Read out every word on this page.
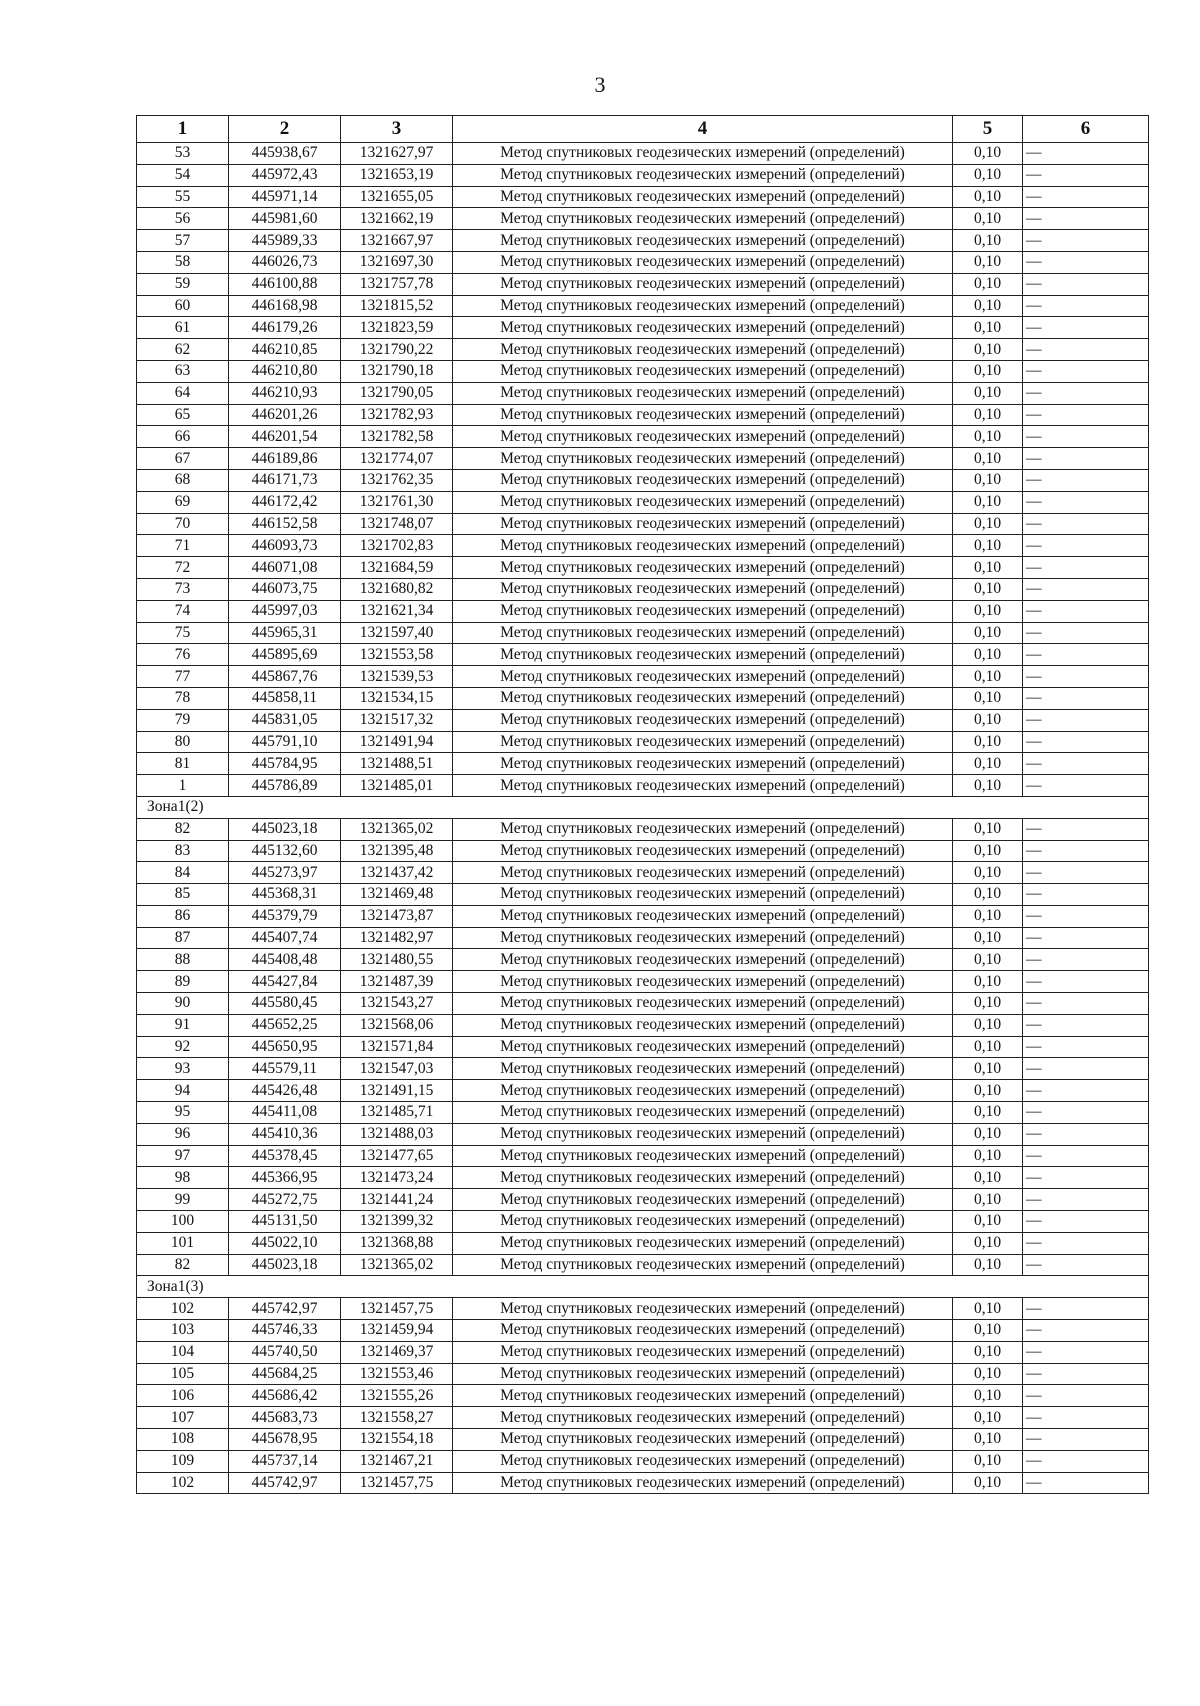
3
1	2	3	4	5	6
53	445938,67	1321627,97	Метод спутниковых геодезических измерений (определений)	0,10	—
54	445972,43	1321653,19	Метод спутниковых геодезических измерений (определений)	0,10	—
55	445971,14	1321655,05	Метод спутниковых геодезических измерений (определений)	0,10	—
56	445981,60	1321662,19	Метод спутниковых геодезических измерений (определений)	0,10	—
57	445989,33	1321667,97	Метод спутниковых геодезических измерений (определений)	0,10	—
58	446026,73	1321697,30	Метод спутниковых геодезических измерений (определений)	0,10	—
59	446100,88	1321757,78	Метод спутниковых геодезических измерений (определений)	0,10	—
60	446168,98	1321815,52	Метод спутниковых геодезических измерений (определений)	0,10	—
61	446179,26	1321823,59	Метод спутниковых геодезических измерений (определений)	0,10	—
62	446210,85	1321790,22	Метод спутниковых геодезических измерений (определений)	0,10	—
63	446210,80	1321790,18	Метод спутниковых геодезических измерений (определений)	0,10	—
64	446210,93	1321790,05	Метод спутниковых геодезических измерений (определений)	0,10	—
65	446201,26	1321782,93	Метод спутниковых геодезических измерений (определений)	0,10	—
66	446201,54	1321782,58	Метод спутниковых геодезических измерений (определений)	0,10	—
67	446189,86	1321774,07	Метод спутниковых геодезических измерений (определений)	0,10	—
68	446171,73	1321762,35	Метод спутниковых геодезических измерений (определений)	0,10	—
69	446172,42	1321761,30	Метод спутниковых геодезических измерений (определений)	0,10	—
70	446152,58	1321748,07	Метод спутниковых геодезических измерений (определений)	0,10	—
71	446093,73	1321702,83	Метод спутниковых геодезических измерений (определений)	0,10	—
72	446071,08	1321684,59	Метод спутниковых геодезических измерений (определений)	0,10	—
73	446073,75	1321680,82	Метод спутниковых геодезических измерений (определений)	0,10	—
74	445997,03	1321621,34	Метод спутниковых геодезических измерений (определений)	0,10	—
75	445965,31	1321597,40	Метод спутниковых геодезических измерений (определений)	0,10	—
76	445895,69	1321553,58	Метод спутниковых геодезических измерений (определений)	0,10	—
77	445867,76	1321539,53	Метод спутниковых геодезических измерений (определений)	0,10	—
78	445858,11	1321534,15	Метод спутниковых геодезических измерений (определений)	0,10	—
79	445831,05	1321517,32	Метод спутниковых геодезических измерений (определений)	0,10	—
80	445791,10	1321491,94	Метод спутниковых геодезических измерений (определений)	0,10	—
81	445784,95	1321488,51	Метод спутниковых геодезических измерений (определений)	0,10	—
1	445786,89	1321485,01	Метод спутниковых геодезических измерений (определений)	0,10	—
Зона1(2)					
82	445023,18	1321365,02	Метод спутниковых геодезических измерений (определений)	0,10	—
83	445132,60	1321395,48	Метод спутниковых геодезических измерений (определений)	0,10	—
84	445273,97	1321437,42	Метод спутниковых геодезических измерений (определений)	0,10	—
85	445368,31	1321469,48	Метод спутниковых геодезических измерений (определений)	0,10	—
86	445379,79	1321473,87	Метод спутниковых геодезических измерений (определений)	0,10	—
87	445407,74	1321482,97	Метод спутниковых геодезических измерений (определений)	0,10	—
88	445408,48	1321480,55	Метод спутниковых геодезических измерений (определений)	0,10	—
89	445427,84	1321487,39	Метод спутниковых геодезических измерений (определений)	0,10	—
90	445580,45	1321543,27	Метод спутниковых геодезических измерений (определений)	0,10	—
91	445652,25	1321568,06	Метод спутниковых геодезических измерений (определений)	0,10	—
92	445650,95	1321571,84	Метод спутниковых геодезических измерений (определений)	0,10	—
93	445579,11	1321547,03	Метод спутниковых геодезических измерений (определений)	0,10	—
94	445426,48	1321491,15	Метод спутниковых геодезических измерений (определений)	0,10	—
95	445411,08	1321485,71	Метод спутниковых геодезических измерений (определений)	0,10	—
96	445410,36	1321488,03	Метод спутниковых геодезических измерений (определений)	0,10	—
97	445378,45	1321477,65	Метод спутниковых геодезических измерений (определений)	0,10	—
98	445366,95	1321473,24	Метод спутниковых геодезических измерений (определений)	0,10	—
99	445272,75	1321441,24	Метод спутниковых геодезических измерений (определений)	0,10	—
100	445131,50	1321399,32	Метод спутниковых геодезических измерений (определений)	0,10	—
101	445022,10	1321368,88	Метод спутниковых геодезических измерений (определений)	0,10	—
82	445023,18	1321365,02	Метод спутниковых геодезических измерений (определений)	0,10	—
Зона1(3)					
102	445742,97	1321457,75	Метод спутниковых геодезических измерений (определений)	0,10	—
103	445746,33	1321459,94	Метод спутниковых геодезических измерений (определений)	0,10	—
104	445740,50	1321469,37	Метод спутниковых геодезических измерений (определений)	0,10	—
105	445684,25	1321553,46	Метод спутниковых геодезических измерений (определений)	0,10	—
106	445686,42	1321555,26	Метод спутниковых геодезических измерений (определений)	0,10	—
107	445683,73	1321558,27	Метод спутниковых геодезических измерений (определений)	0,10	—
108	445678,95	1321554,18	Метод спутниковых геодезических измерений (определений)	0,10	—
109	445737,14	1321467,21	Метод спутниковых геодезических измерений (определений)	0,10	—
102	445742,97	1321457,75	Метод спутниковых геодезических измерений (определений)	0,10	—
